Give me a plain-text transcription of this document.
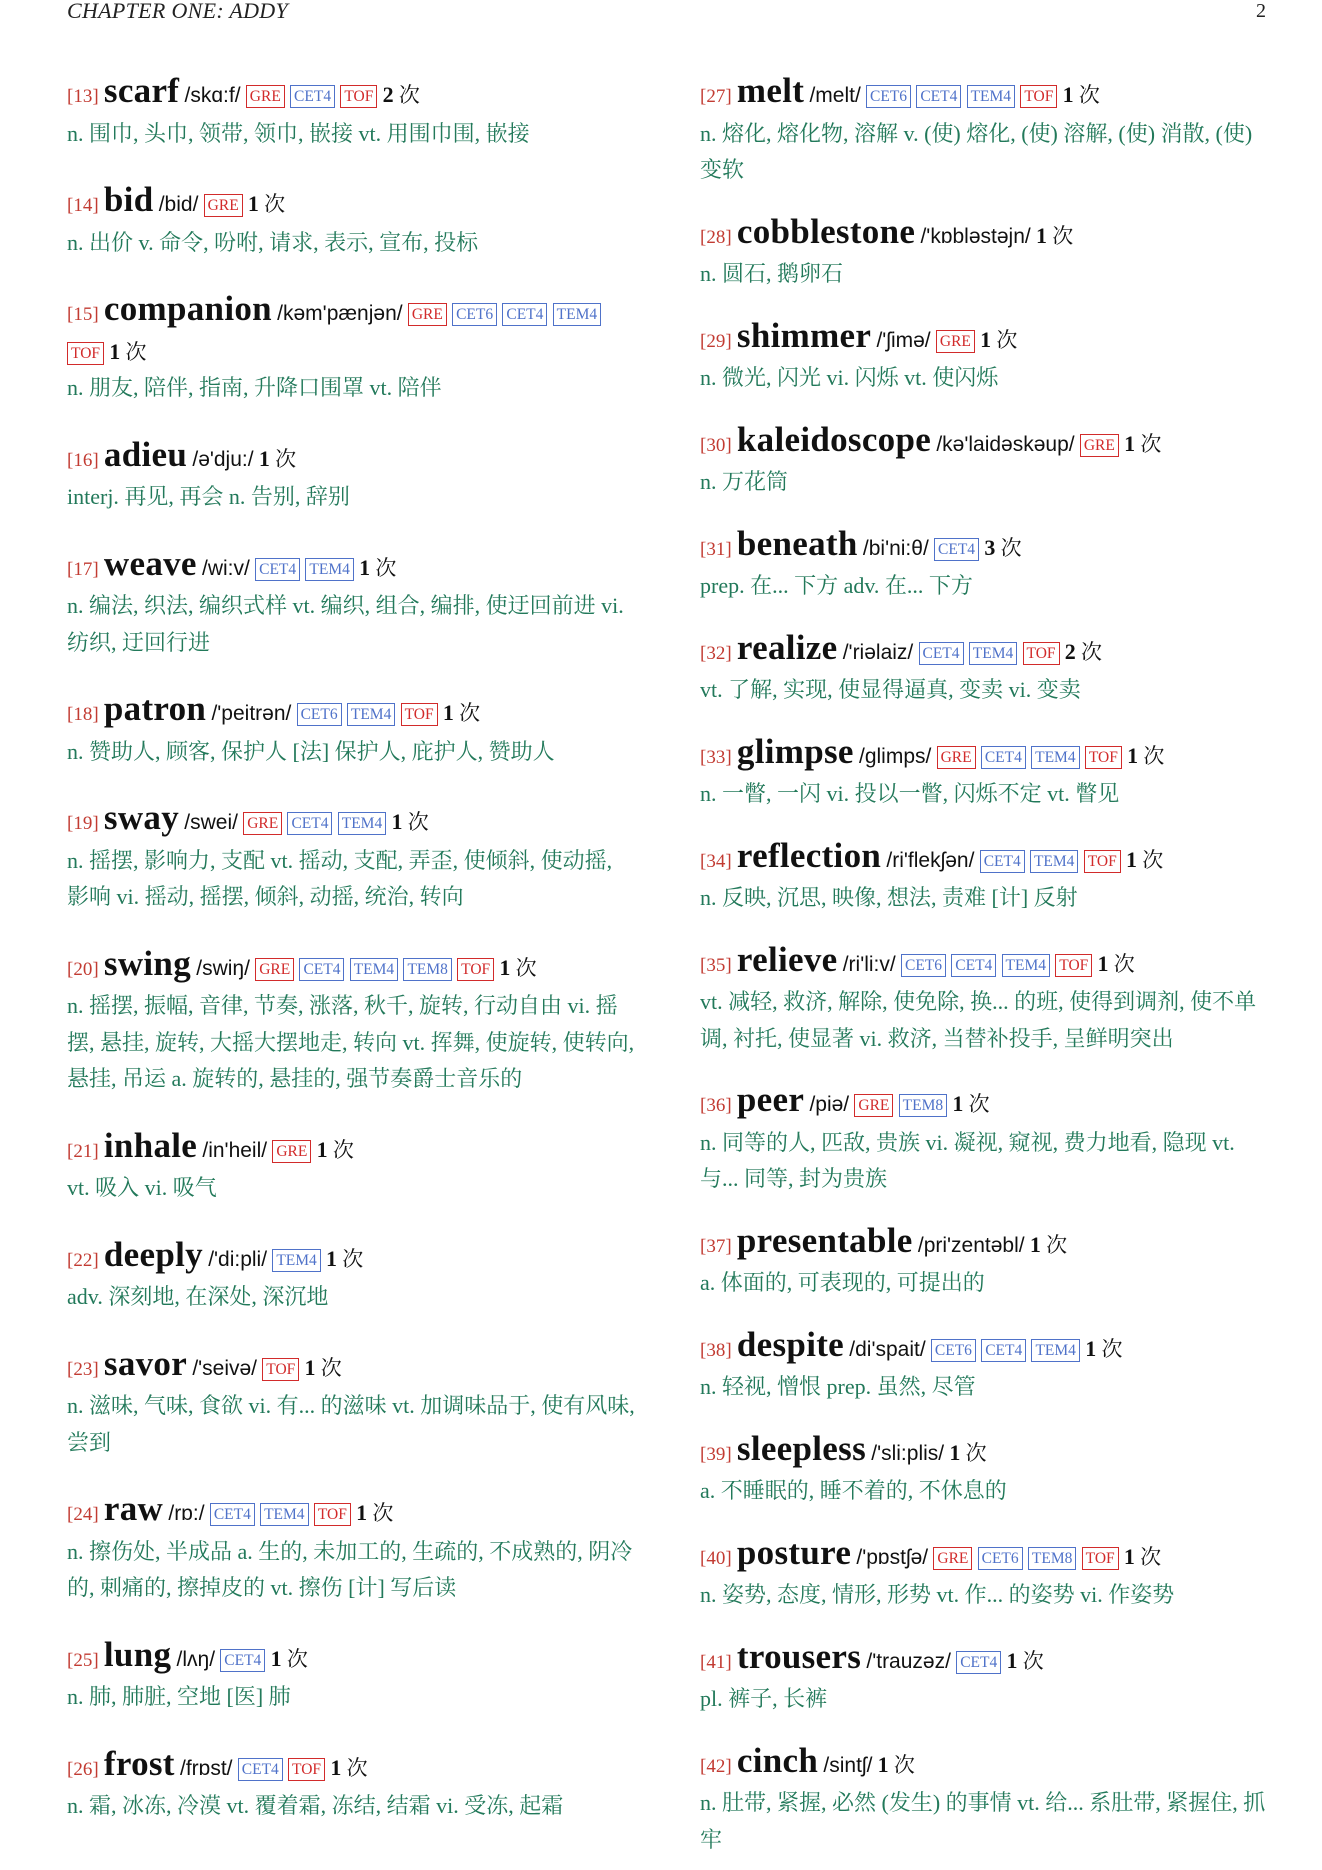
CHAPTER ONE: ADDY	2
[13] scarf /skɑ:f/ GRE CET4 TOF 2 次
n. 围巾, 头巾, 领带, 领巾, 嵌接 vt. 用围巾围, 嵌接
[14] bid /bid/ GRE 1 次
n. 出价 v. 命令, 吩咐, 请求, 表示, 宣布, 投标
[15] companion /kəm'pænjən/ GRE CET6 CET4 TEM4 TOF 1 次
n. 朋友, 陪伴, 指南, 升降口围罩 vt. 陪伴
[16] adieu /ə'dju:/ 1 次
interj. 再见, 再会 n. 告别, 辞别
[17] weave /wi:v/ CET4 TEM4 1 次
n. 编法, 织法, 编织式样 vt. 编织, 组合, 编排, 使迂回前进 vi. 纺织, 迂回行进
[18] patron /'peitrən/ CET6 TEM4 TOF 1 次
n. 赞助人, 顾客, 保护人 [法] 保护人, 庇护人, 赞助人
[19] sway /swei/ GRE CET4 TEM4 1 次
n. 摇摆, 影响力, 支配 vt. 摇动, 支配, 弄歪, 使倾斜, 使动摇, 影响 vi. 摇动, 摇摆, 倾斜, 动摇, 统治, 转向
[20] swing /swiŋ/ GRE CET4 TEM4 TEM8 TOF 1 次
n. 摇摆, 振幅, 音律, 节奏, 涨落, 秋千, 旋转, 行动自由 vi. 摇摆, 悬挂, 旋转, 大摇大摆地走, 转向 vt. 挥舞, 使旋转, 使转向, 悬挂, 吊运 a. 旋转的, 悬挂的, 强节奏爵士音乐的
[21] inhale /in'heil/ GRE 1 次
vt. 吸入 vi. 吸气
[22] deeply /'di:pli/ TEM4 1 次
adv. 深刻地, 在深处, 深沉地
[23] savor /'seivə/ TOF 1 次
n. 滋味, 气味, 食欲 vi. 有... 的滋味 vt. 加调味品于, 使有风味, 尝到
[24] raw /rɒ:/ CET4 TEM4 TOF 1 次
n. 擦伤处, 半成品 a. 生的, 未加工的, 生疏的, 不成熟的, 阴冷的, 刺痛的, 擦掉皮的 vt. 擦伤 [计] 写后读
[25] lung /lʌŋ/ CET4 1 次
n. 肺, 肺脏, 空地 [医] 肺
[26] frost /frɒst/ CET4 TOF 1 次
n. 霜, 冰冻, 冷漠 vt. 覆着霜, 冻结, 结霜 vi. 受冻, 起霜
[27] melt /melt/ CET6 CET4 TEM4 TOF 1 次
n. 熔化, 熔化物, 溶解 v. (使) 熔化, (使) 溶解, (使) 消散, (使) 变软
[28] cobblestone /'kɒbləstəjn/ 1 次
n. 圆石, 鹅卵石
[29] shimmer /'ʃimə/ GRE 1 次
n. 微光, 闪光 vi. 闪烁 vt. 使闪烁
[30] kaleidoscope /kə'laidəskəup/ GRE 1 次
n. 万花筒
[31] beneath /bi'ni:θ/ CET4 3 次
prep. 在... 下方 adv. 在... 下方
[32] realize /'riəlaiz/ CET4 TEM4 TOF 2 次
vt. 了解, 实现, 使显得逼真, 变卖 vi. 变卖
[33] glimpse /glimps/ GRE CET4 TEM4 TOF 1 次
n. 一瞥, 一闪 vi. 投以一瞥, 闪烁不定 vt. 瞥见
[34] reflection /ri'flekʃən/ CET4 TEM4 TOF 1 次
n. 反映, 沉思, 映像, 想法, 责难 [计] 反射
[35] relieve /ri'li:v/ CET6 CET4 TEM4 TOF 1 次
vt. 减轻, 救济, 解除, 使免除, 换... 的班, 使得到调剂, 使不单调, 衬托, 使显著 vi. 救济, 当替补投手, 呈鲜明突出
[36] peer /piə/ GRE TEM8 1 次
n. 同等的人, 匹敌, 贵族 vi. 凝视, 窥视, 费力地看, 隐现 vt. 与... 同等, 封为贵族
[37] presentable /pri'zentəbl/ 1 次
a. 体面的, 可表现的, 可提出的
[38] despite /di'spait/ CET6 CET4 TEM4 1 次
n. 轻视, 憎恨 prep. 虽然, 尽管
[39] sleepless /'sli:plis/ 1 次
a. 不睡眠的, 睡不着的, 不休息的
[40] posture /'pɒstʃə/ GRE CET6 TEM8 TOF 1 次
n. 姿势, 态度, 情形, 形势 vt. 作... 的姿势 vi. 作姿势
[41] trousers /'trauzəz/ CET4 1 次
pl. 裤子, 长裤
[42] cinch /sintʃ/ 1 次
n. 肚带, 紧握, 必然 (发生) 的事情 vt. 给... 系肚带, 紧握住, 抓牢
